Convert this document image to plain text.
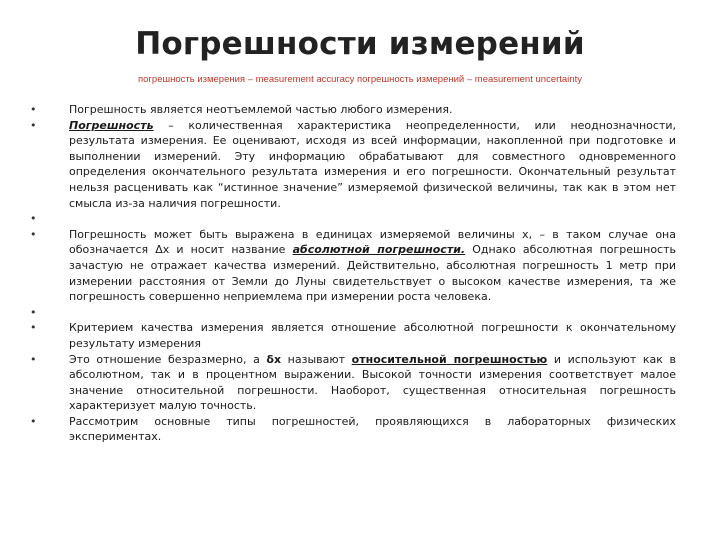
Погрешности измерений
погрешность измерения – measurement accuracy погрешность измерений – measurement uncertainty
•	Погрешность является неотъемлемой частью любого измерения.
•	Погрешность – количественная характеристика неопределенности, или неоднозначности, результата измерения. Ее оценивают, исходя из всей информации, накопленной при подготовке и выполнении измерений. Эту информацию обрабатывают для совместного одновременного определения окончательного результата измерения и его погрешности. Окончательный результат нельзя расценивать как “истинное значение” измеряемой физической величины, так как в этом нет смысла из-за наличия погрешности.
•
•	Погрешность может быть выражена в единицах измеряемой величины x, – в таком случае она обозначается Δx и носит название абсолютной погрешности. Однако абсолютная погрешность зачастую не отражает качества измерений. Действительно, абсолютная погрешность 1 метр при измерении расстояния от Земли до Луны свидетельствует о высоком качестве измерения, та же погрешность совершенно неприемлема при измерении роста человека.
•
•	Критерием качества измерения является отношение абсолютной погрешности к окончательному результату измерения
•	Это отношение безразмерно, а δx называют относительной погрешностью и используют как в абсолютном, так и в процентном выражении. Высокой точности измерения соответствует малое значение относительной погрешности. Наоборот, существенная относительная погрешность характеризует малую точность.
•	Рассмотрим основные типы погрешностей, проявляющихся в лабораторных физических экспериментах.
